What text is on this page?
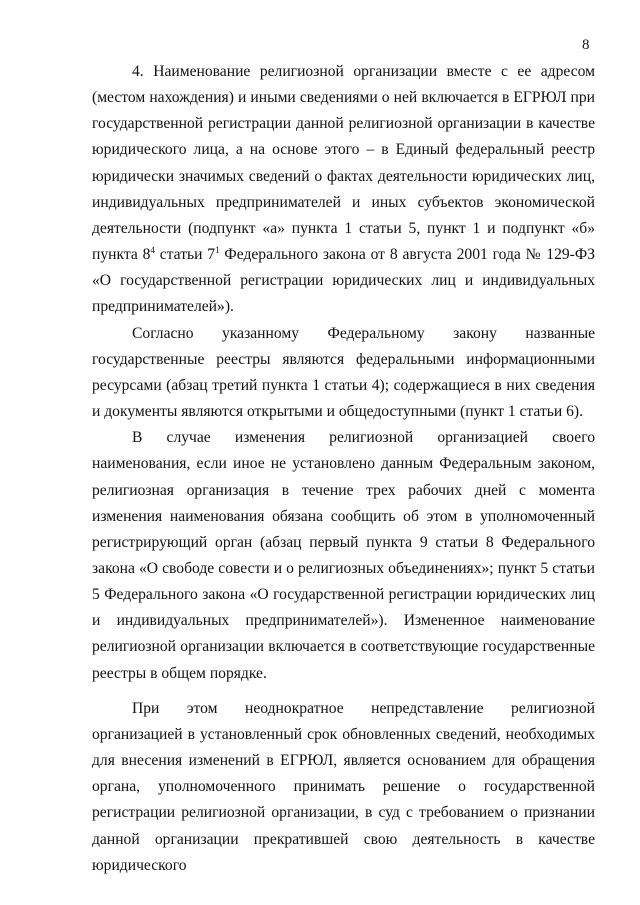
8

4. Наименование религиозной организации вместе с ее адресом (местом нахождения) и иными сведениями о ней включается в ЕГРЮЛ при государственной регистрации данной религиозной организации в качестве юридического лица, а на основе этого – в Единый федеральный реестр юридически значимых сведений о фактах деятельности юридических лиц, индивидуальных предпринимателей и иных субъектов экономической деятельности (подпункт «а» пункта 1 статьи 5, пункт 1 и подпункт «б» пункта $8^4$ статьи $7^1$ Федерального закона от 8 августа 2001 года № 129-ФЗ «О государственной регистрации юридических лиц и индивидуальных предпринимателей»).

Согласно указанному Федеральному закону названные государственные реестры являются федеральными информационными ресурсами (абзац третий пункта 1 статьи 4); содержащиеся в них сведения и документы являются открытыми и общедоступными (пункт 1 статьи 6).

В случае изменения религиозной организацией своего наименования, если иное не установлено данным Федеральным законом, религиозная организация в течение трех рабочих дней с момента изменения наименования обязана сообщить об этом в уполномоченный регистрирующий орган (абзац первый пункта 9 статьи 8 Федерального закона «О свободе совести и о религиозных объединениях»; пункт 5 статьи 5 Федерального закона «О государственной регистрации юридических лиц и индивидуальных предпринимателей»). Измененное наименование религиозной организации включается в соответствующие государственные реестры в общем порядке.

При этом неоднократное непредставление религиозной организацией в установленный срок обновленных сведений, необходимых для внесения изменений в ЕГРЮЛ, является основанием для обращения органа, уполномоченного принимать решение о государственной регистрации религиозной организации, в суд с требованием о признании данной организации прекратившей свою деятельность в качестве юридического
